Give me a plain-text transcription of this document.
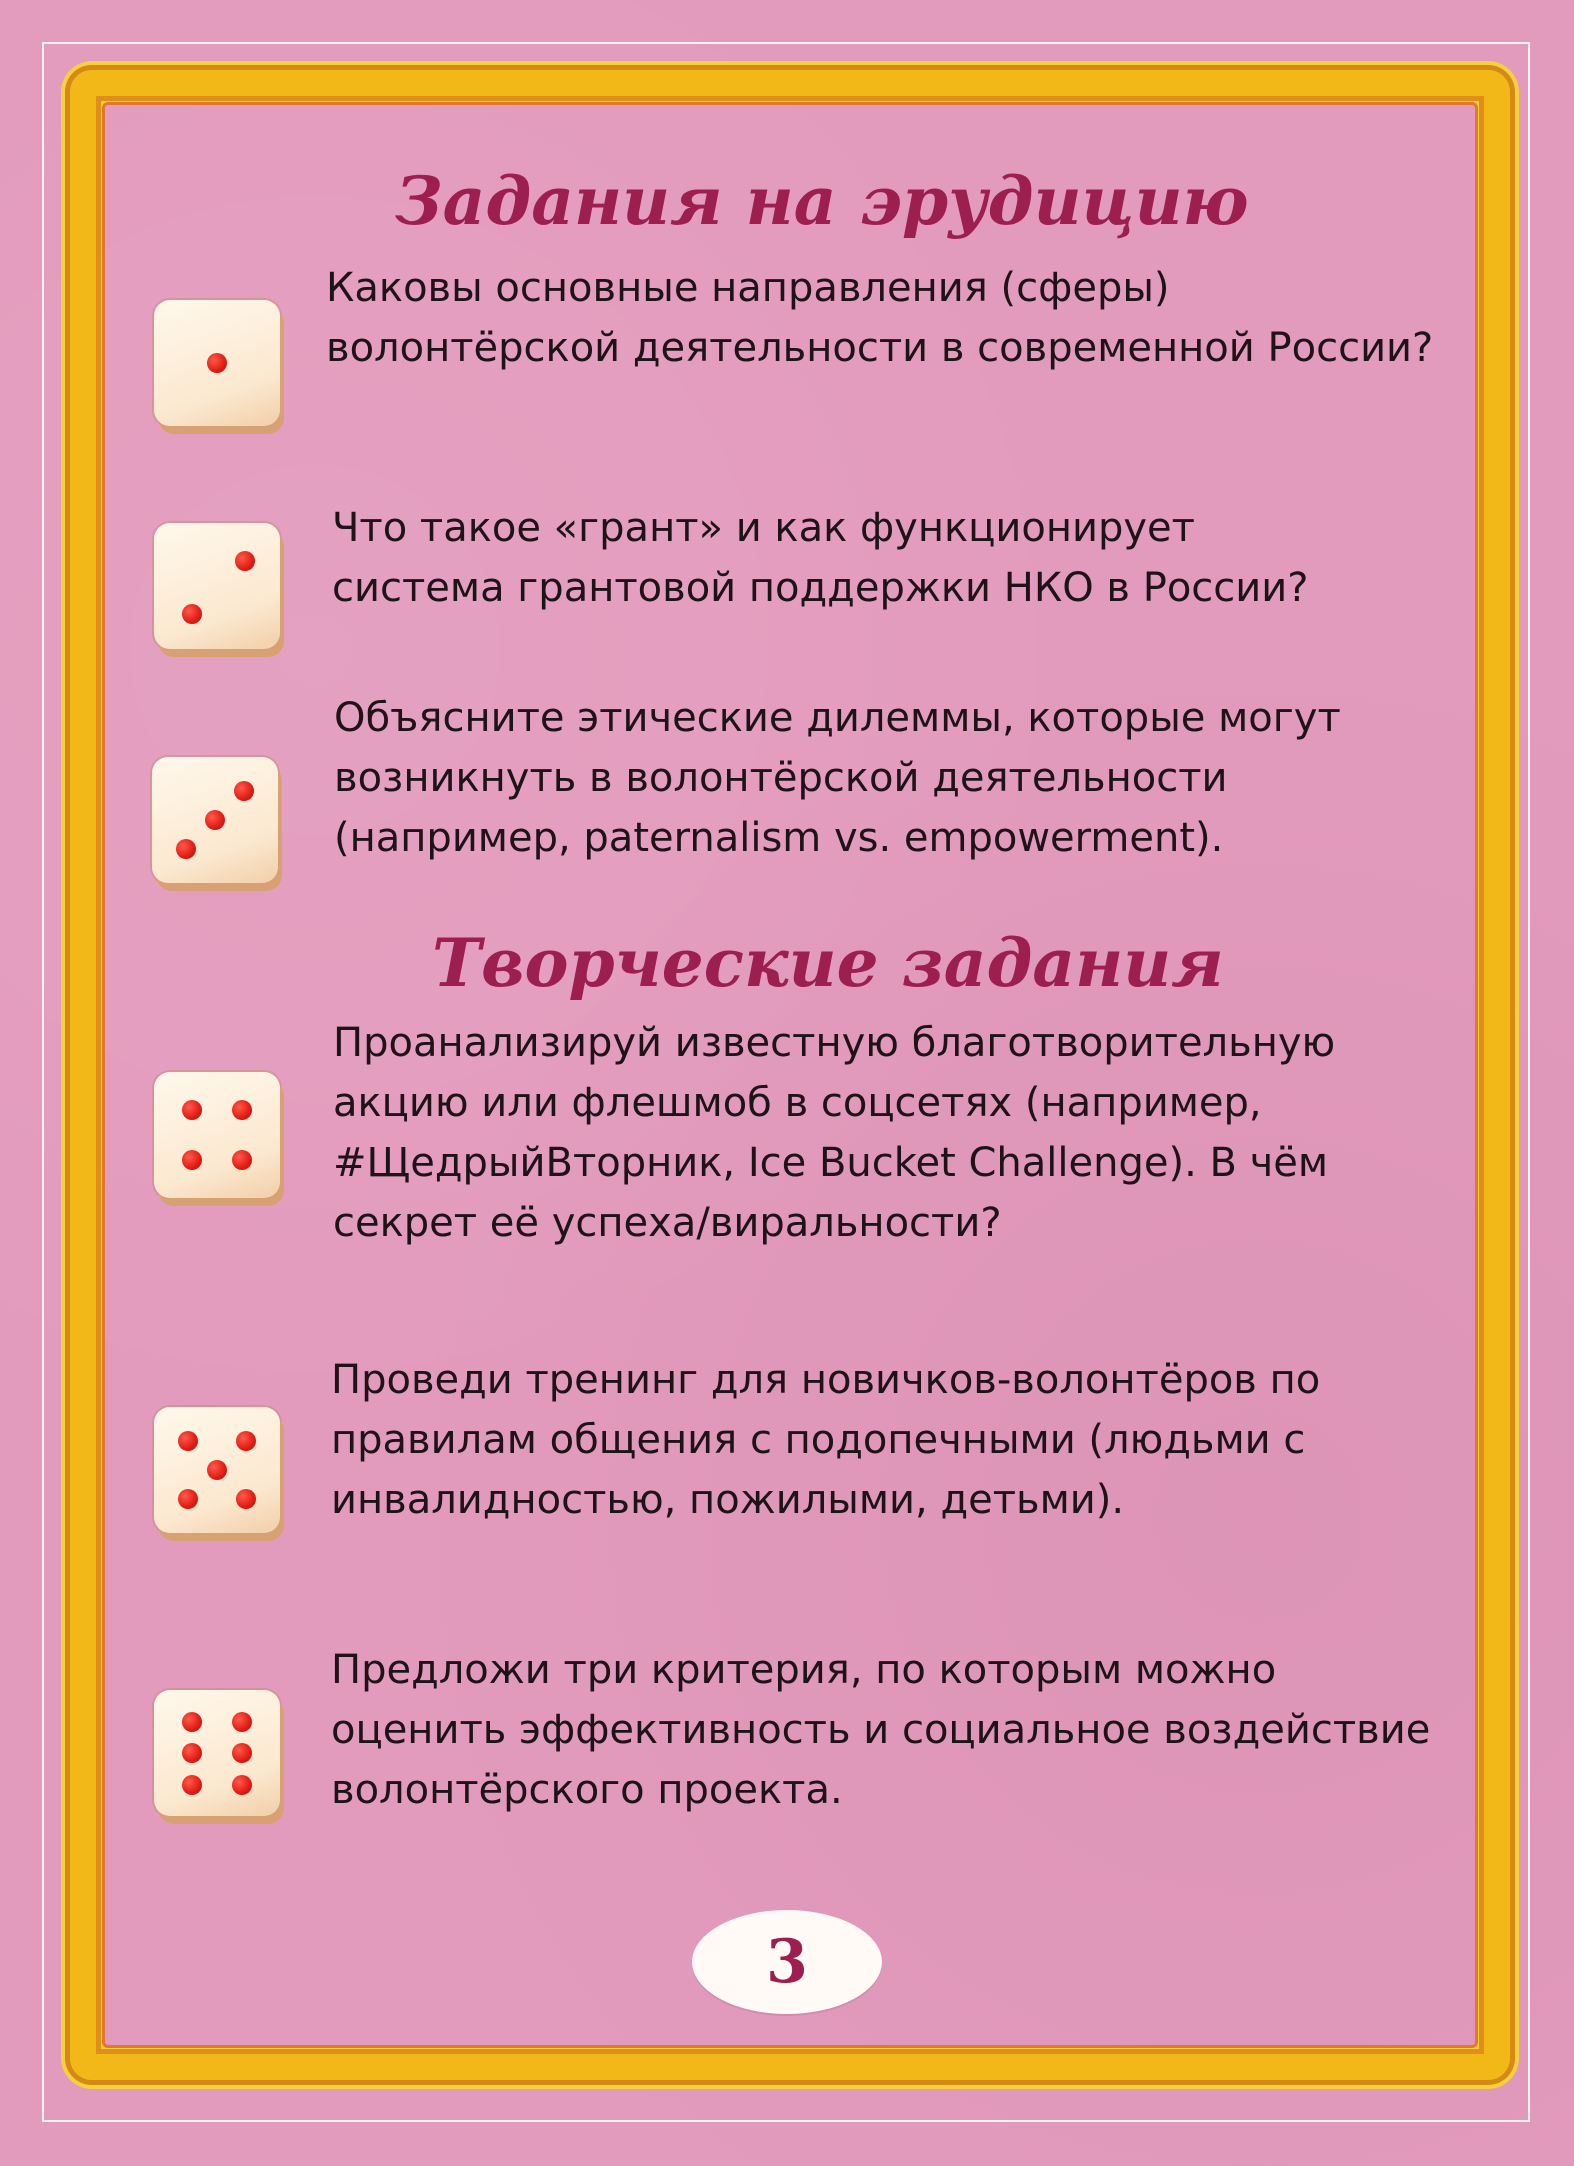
Задания на эрудицию

Каковы основные направления (сферы) волонтёрской деятельности в современной России?

Что такое «грант» и как функционирует система грантовой поддержки НКО в России?

Объясните этические дилеммы, которые могут возникнуть в волонтёрской деятельности (например, paternalism vs. empowerment).

Творческие задания

Проанализируй известную благотворительную акцию или флешмоб в соцсетях (например, #ЩедрыйВторник, Ice Bucket Challenge). В чём секрет её успеха/виральности?

Проведи тренинг для новичков-волонтёров по правилам общения с подопечными (людьми с инвалидностью, пожилыми, детьми).

Предложи три критерия, по которым можно оценить эффективность и социальное воздействие волонтёрского проекта.

3
